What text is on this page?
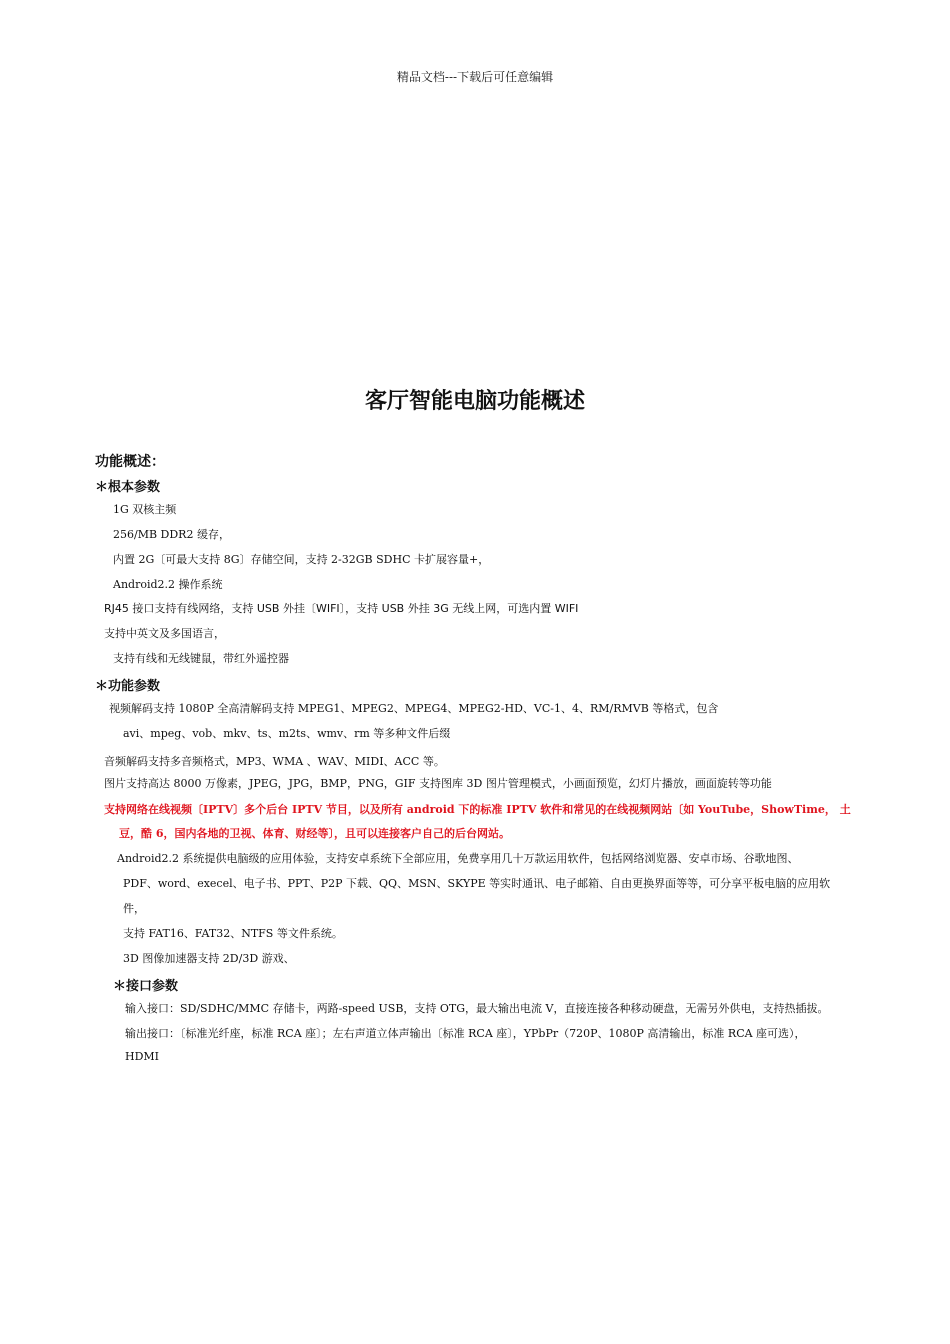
精品文档---下载后可任意编辑
客厅智能电脑功能概述
功能概述：
＊根本参数
1G 双核主频
256/MB DDR2 缓存，
内置 2G〔可最大支持 8G〕存储空间，支持 2-32GB SDHC 卡扩展容量+，
Android2.2 操作系统
RJ45 接口支持有线网络，支持 USB 外挂〔WIFI〕，支持 USB 外挂 3G 无线上网，可选内置 WIFI
支持中英文及多国语言，
支持有线和无线键鼠，带红外遥控器
＊功能参数
视频解码支持 1080P 全高清解码支持 MPEG1、MPEG2、MPEG4、MPEG2-HD、VC-1、4、RM/RMVB 等格式，包含
avi、mpeg、vob、mkv、ts、m2ts、wmv、rm 等多种文件后缀
音频解码支持多音频格式，MP3、WMA 、WAV、MIDI、ACC 等。
图片支持高达 8000 万像素，JPEG，JPG，BMP，PNG，GIF 支持图库 3D 图片管理模式，小画面预览，幻灯片播放，画面旋转等功能
支持网络在线视频〔IPTV〕多个后台 IPTV 节目，以及所有 android 下的标准 IPTV 软件和常见的在线视频网站〔如 YouTube，ShowTime， 土
豆，酷 6，国内各地的卫视、体育、财经等〕，且可以连接客户自己的后台网站。
Android2.2 系统提供电脑级的应用体验，支持安卓系统下全部应用，免费享用几十万款运用软件，包括网络浏览器、安卓市场、谷歌地图、
PDF、word、execel、电子书、PPT、P2P 下载、QQ、MSN、SKYPE 等实时通讯、电子邮箱、自由更换界面等等，可分享平板电脑的应用软
件，
支持 FAT16、FAT32、NTFS 等文件系统。
3D 图像加速器支持 2D/3D 游戏、
＊接口参数
输入接口：SD/SDHC/MMC 存储卡，两路-speed USB，支持 OTG，最大输出电流 V，直接连接各种移动硬盘，无需另外供电，支持热插拔。
输出接口：〔标准光纤座，标准 RCA 座〕；左右声道立体声输出〔标准 RCA 座〕，YPbPr（720P、1080P 高清输出，标准 RCA 座可选），
HDMI
